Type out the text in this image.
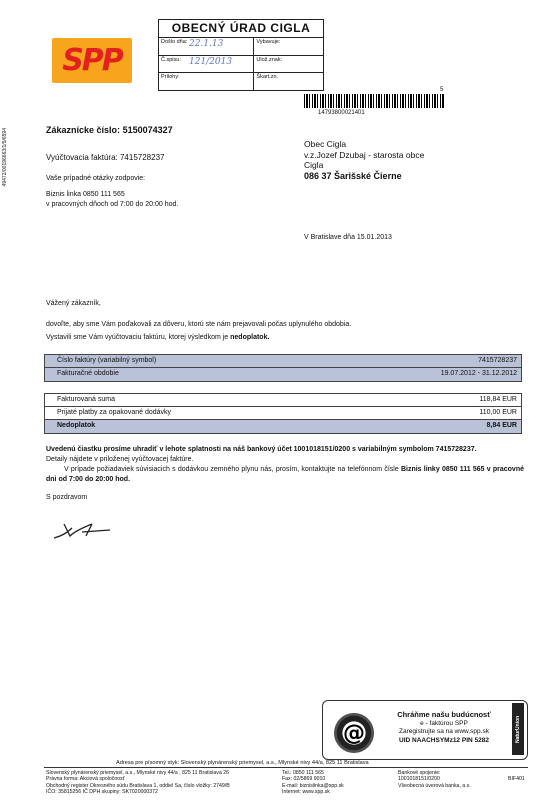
SPP
OBECNÝ ÚRAD CIGLA
Došlo dňa: 22.1.13	Vybavuje:
Č.spisu: 121/2013	Ulož.znak:
Prílohy:	Škart.zn.
5
14793800021401
49472/00196663/1/5/6594	Zákaznícke číslo: 5150074327
Vyúčtovacia faktúra: 7415728237
Vaše prípadné otázky zodpovie:
Biznis linka 0850 111 565
v pracovných dňoch od 7:00 do 20:00 hod.
Obec Cigla
v.z.Jozef Dzubaj - starosta obce
Cigla
086 37 Šarišské Čierne
V Bratislave dňa 15.01.2013
Vážený zákazník,
dovoľte, aby sme Vám poďakovali za dôveru, ktorú ste nám prejavovali počas uplynulého obdobia.
Vystavili sme Vám vyúčtovaciu faktúru, ktorej výsledkom je nedoplatok.
Číslo faktúry (variabilný symbol)	7415728237
Fakturačné obdobie	19.07.2012 - 31.12.2012
Fakturovaná suma	118,84 EUR
Prijaté platby za opakované dodávky	110,00 EUR
Nedoplatok	8,84 EUR
Uvedenú čiastku prosíme uhradiť v lehote splatnosti na náš bankový účet 1001018151/0200 s variabilným symbolom 7415728237.
Detaily nájdete v priloženej vyúčtovacej faktúre.
V prípade požiadaviek súvisiacich s dodávkou zemného plynu nás, prosím, kontaktujte na telefónnom čísle Biznis linky 0850 111 565 v pracovné dni od 7:00 do 20:00 hod.
S pozdravom
@
Chráňme našu budúcnosť
e - faktúrou SPP
Zaregistrujte sa na www.spp.sk
UID NAACHSYMz12 PIN 5282	NaturUnion
Adresa pre písomný styk: Slovenský plynárenský priemysel, a.s., Mlynské nivy 44/a, 825 11 Bratislava
Slovenský plynárenský priemysel, a.s., Mlynské nivy 44/a , 825 11 Bratislava 26
Právna forma: Akciová spoločnosť
Obchodný register Okresného súdu Bratislava 1, oddiel Sa, číslo vložky: 2749/B
IČO: 35815256 IČ DPH skupiny: SK7020000372
Tel.: 0850 111 565
Fax: 02/5869 9010
E-mail: biznislinka@spp.sk
Internet: www.spp.sk
Bankové spojenie:
1001018151/0200
Všeobecná úverová banka, a.s.
BIF401
